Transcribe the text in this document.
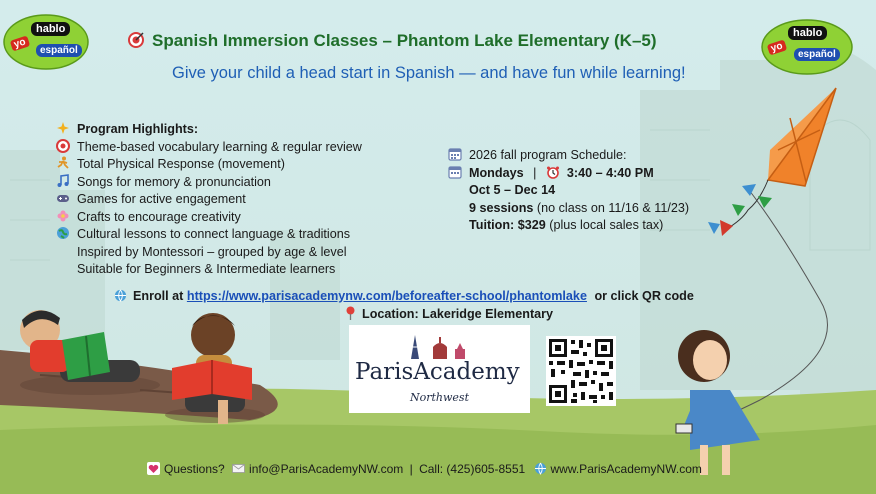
yo
hablo
español	yo
hablo
español
Spanish Immersion Classes – Phantom Lake Elementary (K–5)
Give your child a head start in Spanish — and have fun while learning!
Program Highlights:
Theme-based vocabulary learning & regular review
Total Physical Response (movement)
Songs for memory & pronunciation
Games for active engagement
Crafts to encourage creativity
Cultural lessons to connect language & traditions
Inspired by Montessori – grouped by age & level
Suitable for Beginners & Intermediate learners
2026 fall program Schedule:
Mondays | 3:40 – 4:40 PM
Oct 5 – Dec 14
9 sessions (no class on 11/16 & 11/23)
Tuition: $329 (plus local sales tax)
Enroll at https://www.parisacademynw.com/beforeafter-school/phantomlake or click QR code
Location: Lakeridge Elementary
ParisAcademy
Northwest
Questions? info@ParisAcademyNW.com | Call: (425)605-8551 www.ParisAcademyNW.com
